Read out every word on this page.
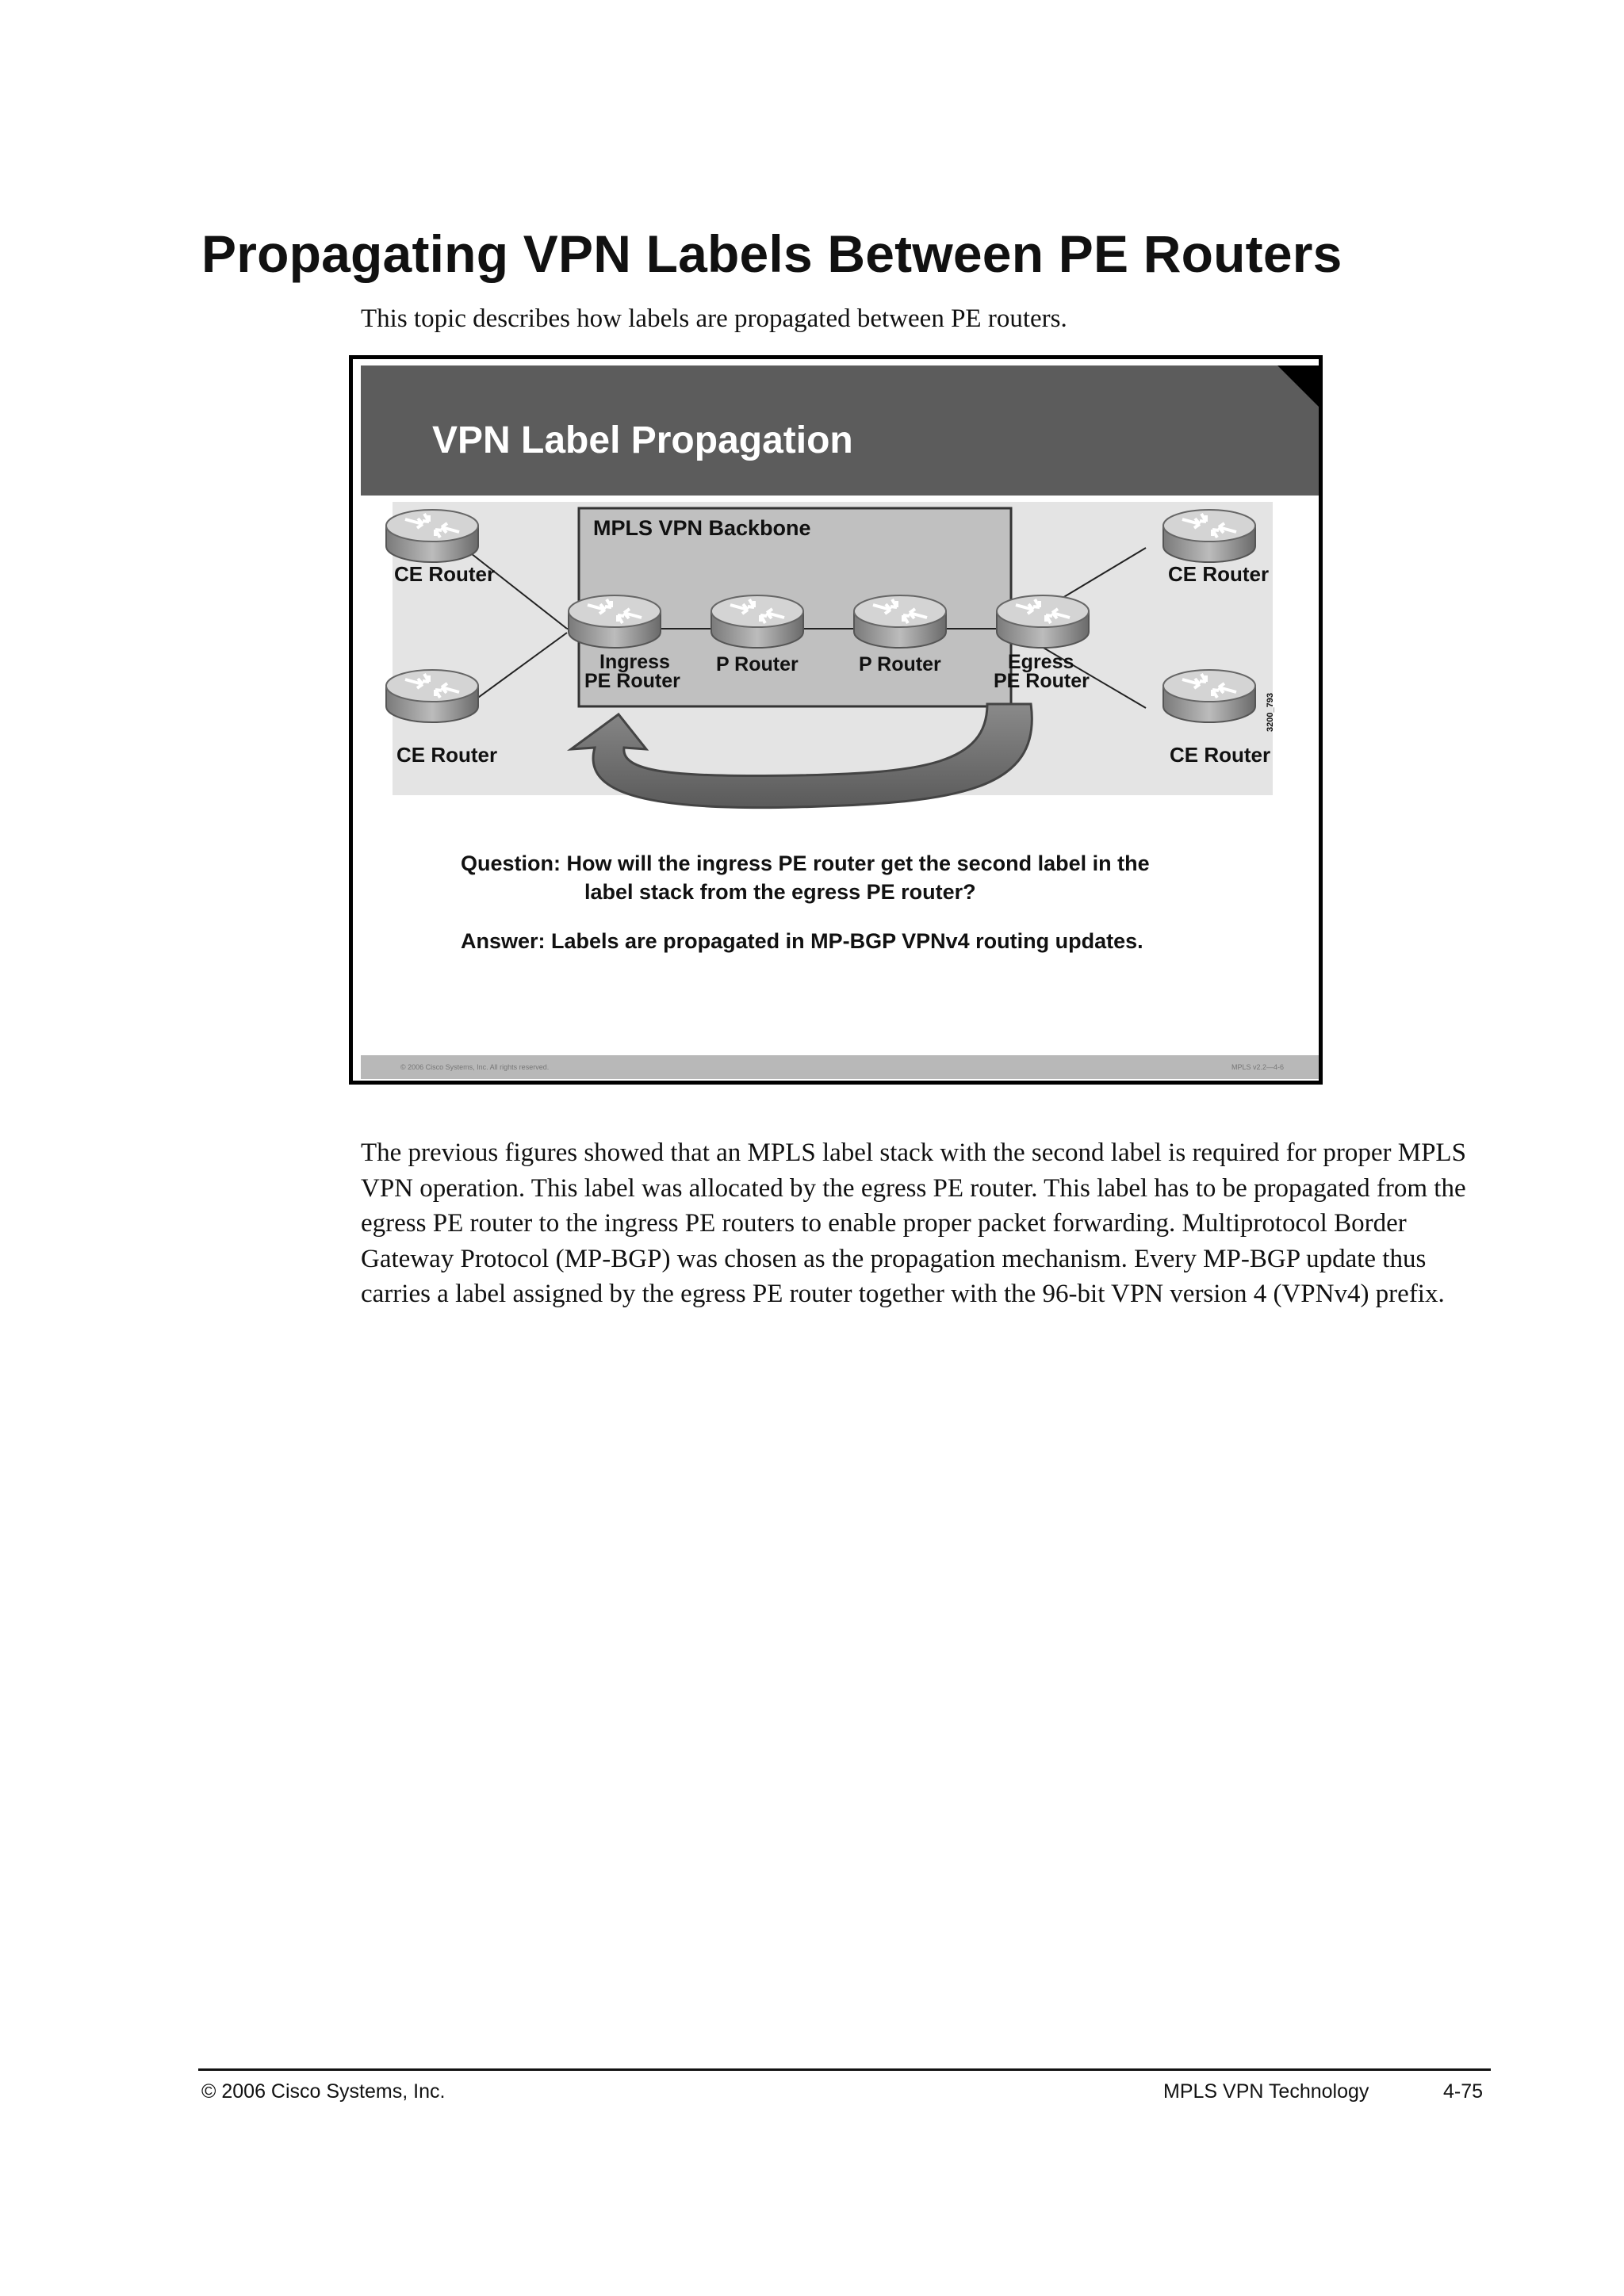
Propagating VPN Labels Between PE Routers

This topic describes how labels are propagated between PE routers.

VPN Label Propagation
MPLS VPN Backbone
CE Router
CE Router
CE Router
CE Router
Ingress
PE Router
P Router	P Router	Egress
PE Router
3200_793

Question: How will the ingress PE router get the second label in the
label stack from the egress PE router?
Answer: Labels are propagated in MP-BGP VPNv4 routing updates.

© 2006 Cisco Systems, Inc. All rights reserved.	MPLS v2.2—4-6

The previous figures showed that an MPLS label stack with the second label is required for proper MPLS VPN operation. This label was allocated by the egress PE router. This label has to be propagated from the egress PE router to the ingress PE routers to enable proper packet forwarding. Multiprotocol Border Gateway Protocol (MP-BGP) was chosen as the propagation mechanism. Every MP-BGP update thus carries a label assigned by the egress PE router together with the 96-bit VPN version 4 (VPNv4) prefix.

© 2006 Cisco Systems, Inc.	MPLS VPN Technology	4-75
